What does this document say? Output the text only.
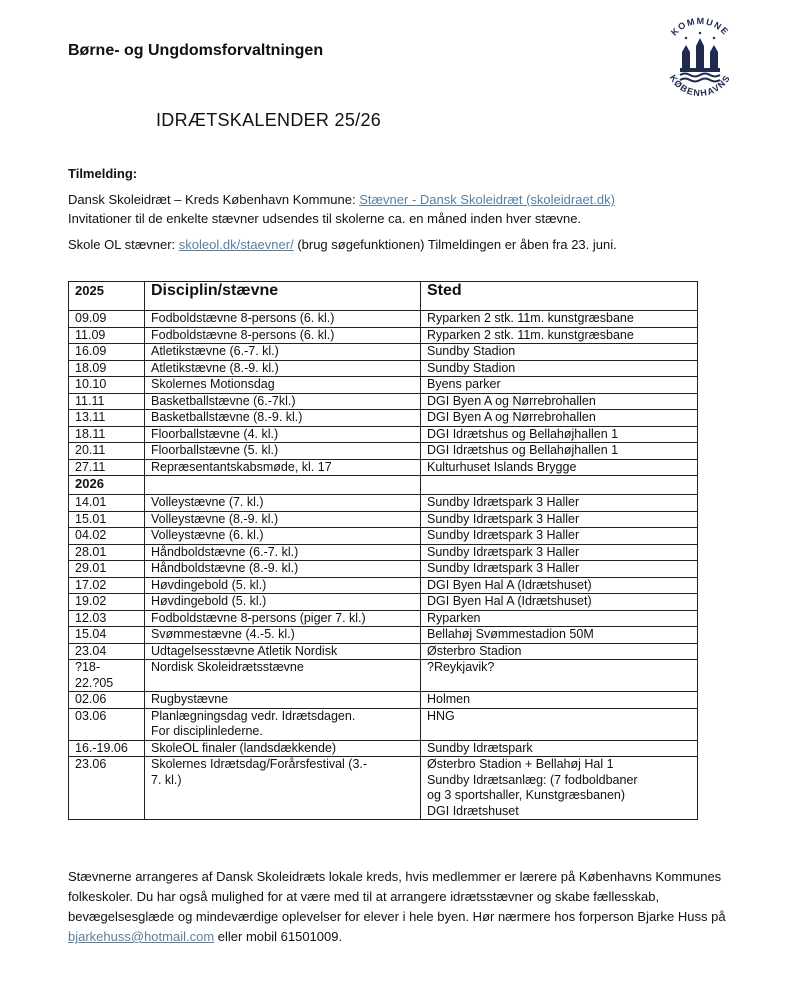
Børne- og Ungdomsforvaltningen
KOMMUNE
KØBENHAVNS
IDRÆTSKALENDER 25/26
Tilmelding:
Dansk Skoleidræt – Kreds København Kommune: Stævner - Dansk Skoleidræt (skoleidraet.dk)
Invitationer til de enkelte stævner udsendes til skolerne ca. en måned inden hver stævne.
Skole OL stævner: skoleol.dk/staevner/ (brug søgefunktionen) Tilmeldingen er åben fra 23. juni.
2025	Disciplin/stævne	Sted
09.09	Fodboldstævne 8-persons (6. kl.)	Ryparken 2 stk. 11m. kunstgræsbane
11.09	Fodboldstævne 8-persons (6. kl.)	Ryparken 2 stk. 11m. kunstgræsbane
16.09	Atletikstævne (6.-7. kl.)	Sundby Stadion
18.09	Atletikstævne (8.-9. kl.)	Sundby Stadion
10.10	Skolernes Motionsdag	Byens parker
11.11	Basketballstævne (6.-7kl.)	DGI Byen A og Nørrebrohallen
13.11	Basketballstævne (8.-9. kl.)	DGI Byen A og Nørrebrohallen
18.11	Floorballstævne (4. kl.)	DGI Idrætshus og Bellahøjhallen 1
20.11	Floorballstævne (5. kl.)	DGI Idrætshus og Bellahøjhallen 1
27.11	Repræsentantskabsmøde, kl. 17	Kulturhuset Islands Brygge
2026		
14.01	Volleystævne (7. kl.)	Sundby Idrætspark 3 Haller
15.01	Volleystævne (8.-9. kl.)	Sundby Idrætspark 3 Haller
04.02	Volleystævne (6. kl.)	Sundby Idrætspark 3 Haller
28.01	Håndboldstævne (6.-7. kl.)	Sundby Idrætspark 3 Haller
29.01	Håndboldstævne (8.-9. kl.)	Sundby Idrætspark 3 Haller
17.02	Høvdingebold (5. kl.)	DGI Byen Hal A (Idrætshuset)
19.02	Høvdingebold (5. kl.)	DGI Byen Hal A (Idrætshuset)
12.03	Fodboldstævne 8-persons (piger 7. kl.)	Ryparken
15.04	Svømmestævne (4.-5. kl.)	Bellahøj Svømmestadion 50M
23.04	Udtagelsesstævne Atletik Nordisk	Østerbro Stadion
?18-
22.?05	Nordisk Skoleidrætsstævne	?Reykjavik?
02.06	Rugbystævne	Holmen
03.06	Planlægningsdag vedr. Idrætsdagen.
For disciplinlederne.	HNG
16.-19.06	SkoleOL finaler (landsdækkende)	Sundby Idrætspark
23.06	Skolernes Idrætsdag/Forårsfestival (3.-
7. kl.)	Østerbro Stadion + Bellahøj Hal 1
Sundby Idrætsanlæg: (7 fodboldbaner
og 3 sportshaller, Kunstgræsbanen)
DGI Idrætshuset
Stævnerne arrangeres af Dansk Skoleidræts lokale kreds, hvis medlemmer er lærere på Københavns Kommunes folkeskoler. Du har også mulighed for at være med til at arrangere idrætsstævner og skabe fællesskab, bevægelsesglæde og mindeværdige oplevelser for elever i hele byen. Hør nærmere hos forperson Bjarke Huss på bjarkehuss@hotmail.com eller mobil 61501009.
